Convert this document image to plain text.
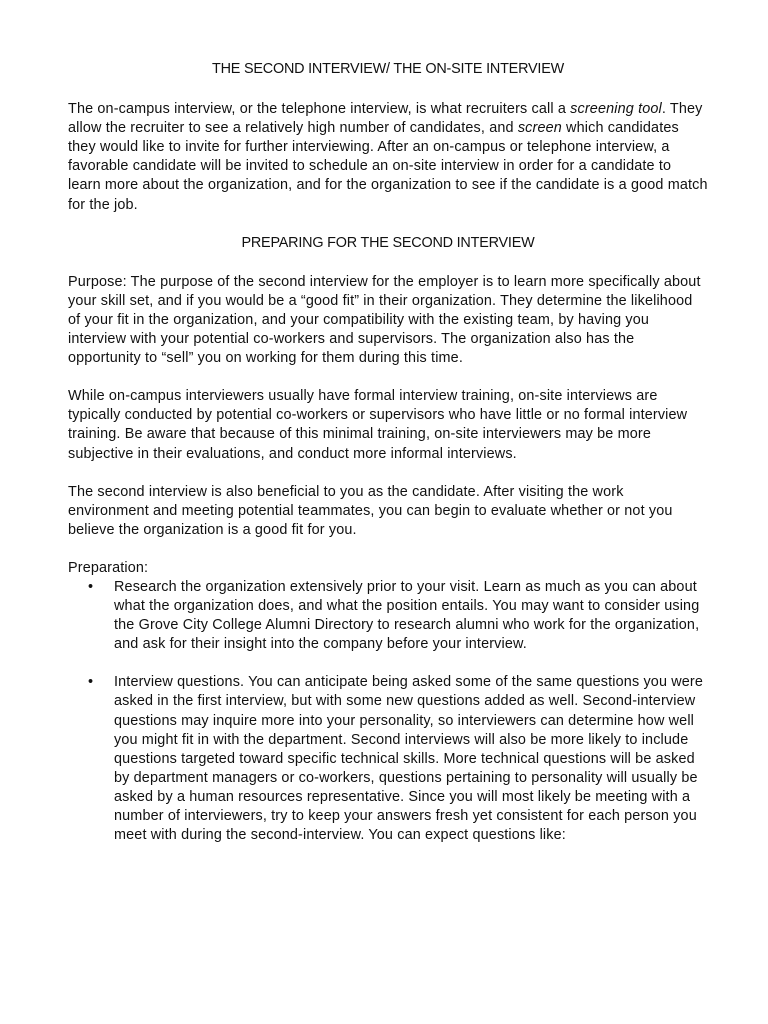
THE SECOND INTERVIEW/ THE ON-SITE INTERVIEW

The on-campus interview, or the telephone interview, is what recruiters call a screening tool. They allow the recruiter to see a relatively high number of candidates, and screen which candidates they would like to invite for further interviewing. After an on-campus or telephone interview, a favorable candidate will be invited to schedule an on-site interview in order for a candidate to learn more about the organization, and for the organization to see if the candidate is a good match for the job.

PREPARING FOR THE SECOND INTERVIEW

Purpose: The purpose of the second interview for the employer is to learn more specifically about your skill set, and if you would be a “good fit” in their organization. They determine the likelihood of your fit in the organization, and your compatibility with the existing team, by having you interview with your potential co-workers and supervisors. The organization also has the opportunity to “sell” you on working for them during this time.

While on-campus interviewers usually have formal interview training, on-site interviews are typically conducted by potential co-workers or supervisors who have little or no formal interview training. Be aware that because of this minimal training, on-site interviewers may be more subjective in their evaluations, and conduct more informal interviews.

The second interview is also beneficial to you as the candidate. After visiting the work environment and meeting potential teammates, you can begin to evaluate whether or not you believe the organization is a good fit for you.

Preparation:
• Research the organization extensively prior to your visit. Learn as much as you can about what the organization does, and what the position entails. You may want to consider using the Grove City College Alumni Directory to research alumni who work for the organization, and ask for their insight into the company before your interview.
• Interview questions. You can anticipate being asked some of the same questions you were asked in the first interview, but with some new questions added as well. Second-interview questions may inquire more into your personality, so interviewers can determine how well you might fit in with the department. Second interviews will also be more likely to include questions targeted toward specific technical skills. More technical questions will be asked by department managers or co-workers, questions pertaining to personality will usually be asked by a human resources representative. Since you will most likely be meeting with a number of interviewers, try to keep your answers fresh yet consistent for each person you meet with during the second-interview. You can expect questions like:
